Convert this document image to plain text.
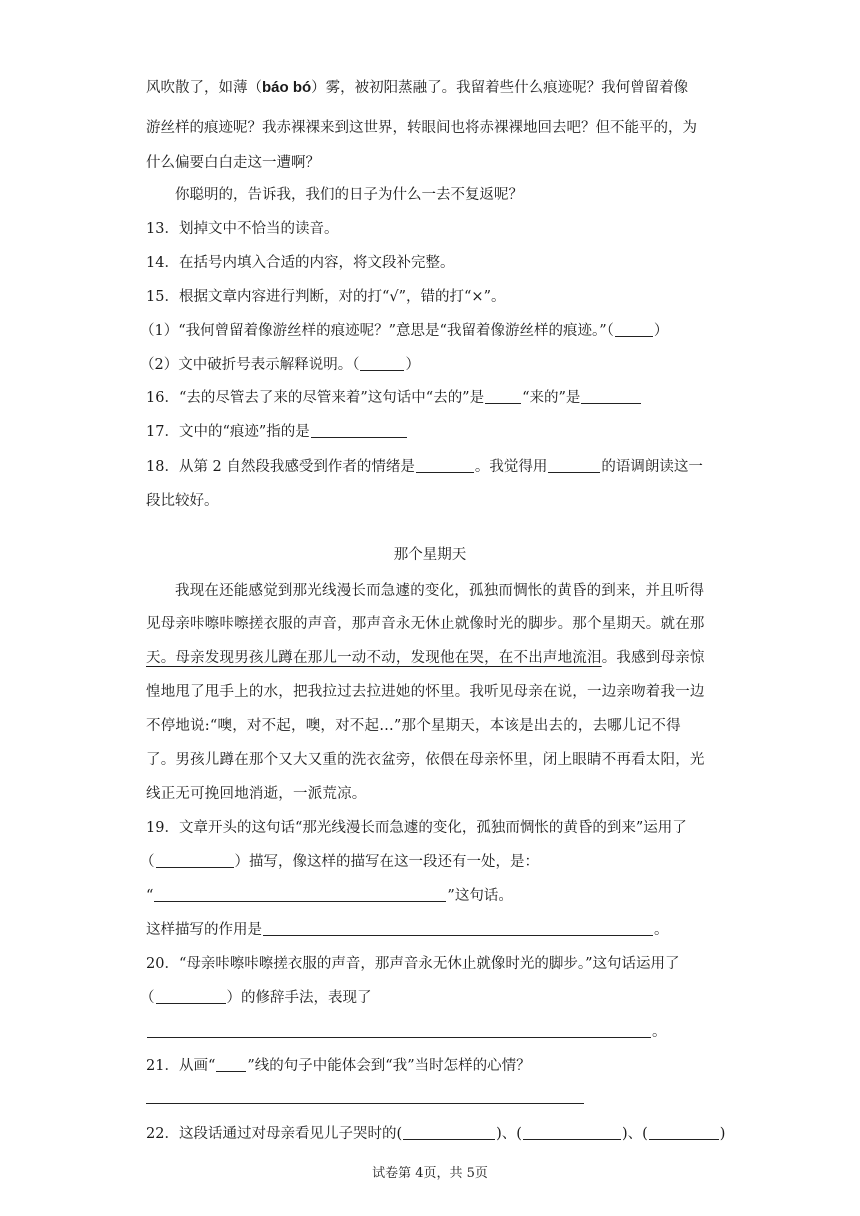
风吹散了，如薄（báo bó）雾，被初阳蒸融了。我留着些什么痕迹呢？我何曾留着像
游丝样的痕迹呢？我赤裸裸来到这世界，转眼间也将赤裸裸地回去吧？但不能平的，为
什么偏要白白走这一遭啊？
你聪明的，告诉我，我们的日子为什么一去不复返呢？
13．划掉文中不恰当的读音。
14．在括号内填入合适的内容，将文段补完整。
15．根据文章内容进行判断，对的打“√”，错的打“×”。
（1）“我何曾留着像游丝样的痕迹呢？”意思是“我留着像游丝样的痕迹。”（	）
（2）文中破折号表示解释说明。（	）
16．“去的尽管去了来的尽管来着”这句话中“去的”是	“来的”是
17．文中的“痕迹”指的是
18．从第 2 自然段我感受到作者的情绪是	。我觉得用	的语调朗读这一
段比较好。
那个星期天
我现在还能感觉到那光线漫长而急遽的变化，孤独而惆怅的黄昏的到来，并且听得
见母亲咔嚓咔嚓搓衣服的声音，那声音永无休止就像时光的脚步。那个星期天。就在那
天。母亲发现男孩儿蹲在那儿一动不动，发现他在哭，在不出声地流泪。我感到母亲惊
惶地甩了甩手上的水，把我拉过去拉进她的怀里。我听见母亲在说，一边亲吻着我一边
不停地说:“噢，对不起，噢，对不起…”那个星期天，本该是出去的，去哪儿记不得
了。男孩儿蹲在那个又大又重的洗衣盆旁，依偎在母亲怀里，闭上眼睛不再看太阳，光
线正无可挽回地消逝，一派荒凉。
19．文章开头的这句话“那光线漫长而急遽的变化，孤独而惆怅的黄昏的到来”运用了
（	）描写，像这样的描写在这一段还有一处，是：
“	”这句话。
这样描写的作用是	。
20．“母亲咔嚓咔嚓搓衣服的声音，那声音永无休止就像时光的脚步。”这句话运用了
（	）的修辞手法，表现了
。
21．从画“ ”线的句子中能体会到“我”当时怎样的心情？
22．这段话通过对母亲看见儿子哭时的(	)、(	)、(	)
试卷第 4页，共 5页
